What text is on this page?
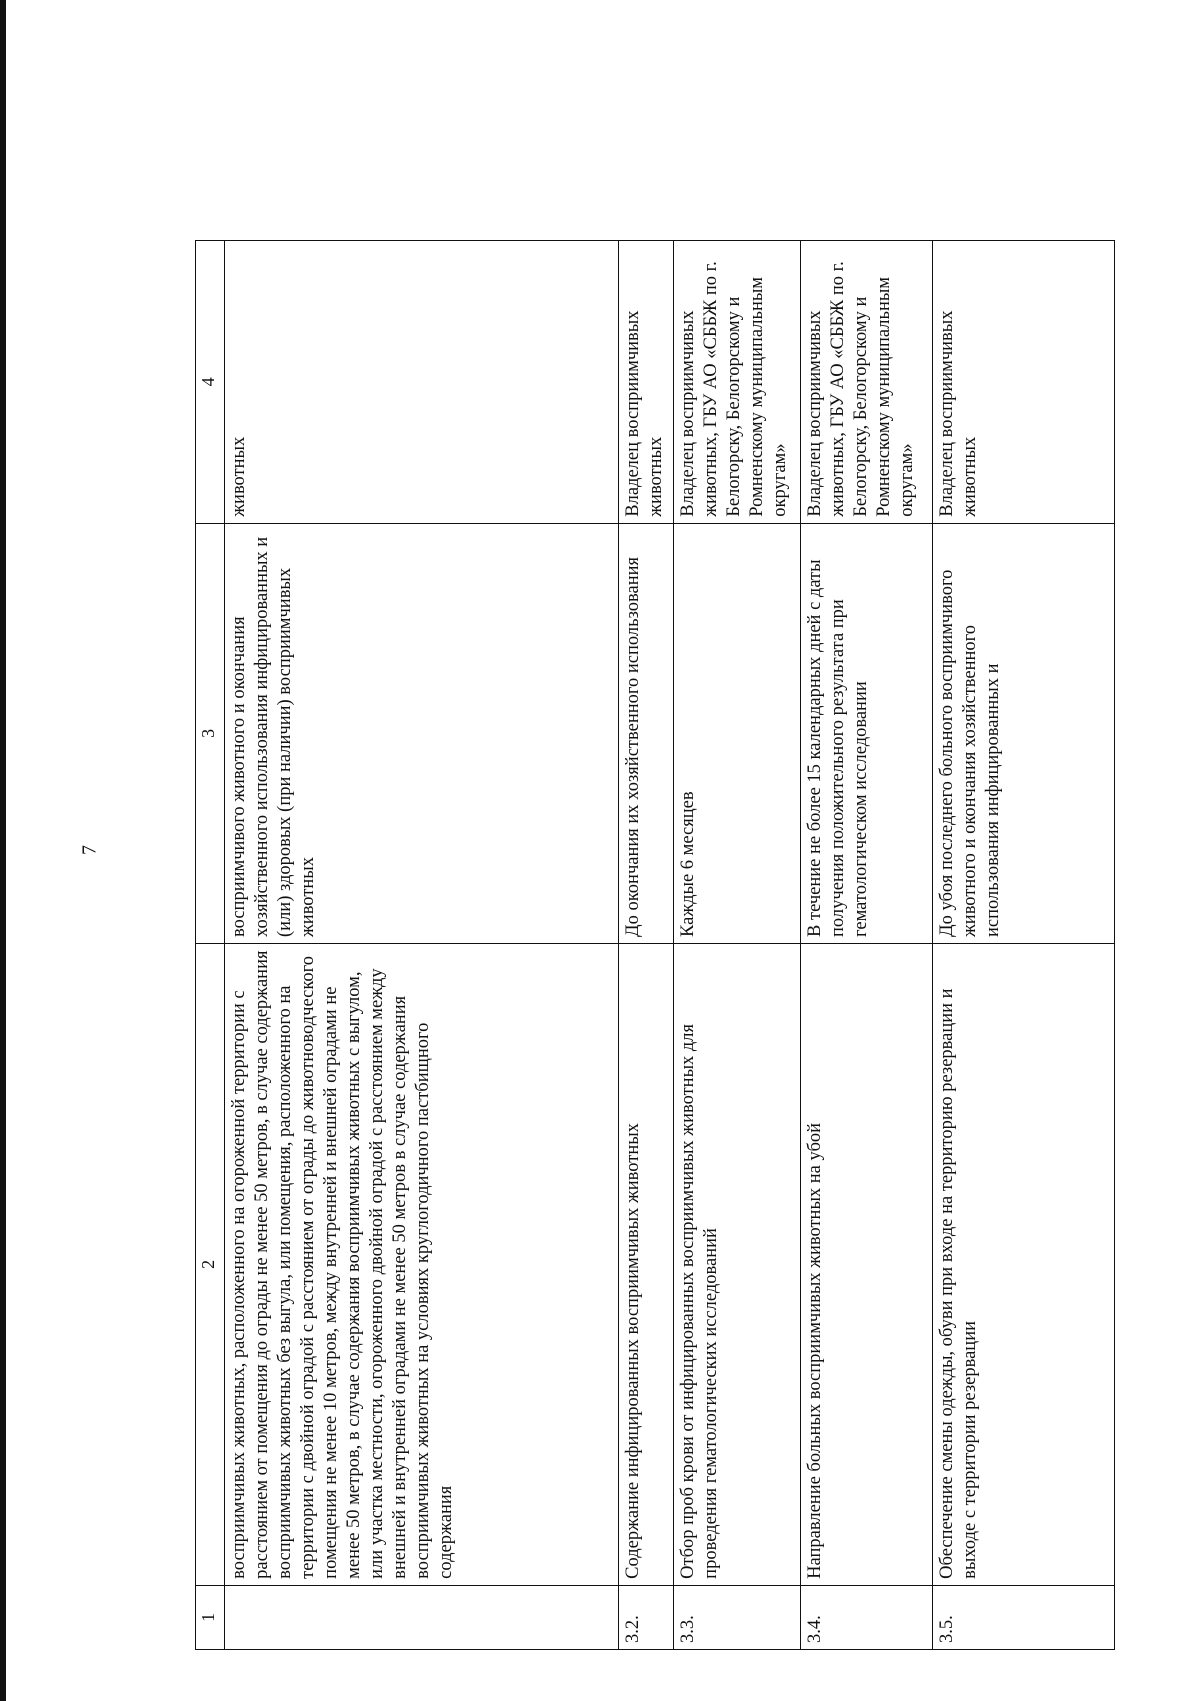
7
1	2	3	4
	восприимчивых животных, расположенного на огороженной территории с расстоянием от помещения до ограды не менее 50 метров, в случае содержания восприимчивых животных без выгула, или помещения, расположенного на территории с двойной оградой с расстоянием от ограды до животноводческого помещения не менее 10 метров, между внутренней и внешней оградами не менее 50 метров, в случае содержания восприимчивых животных с выгулом, или участка местности, огороженного двойной оградой с расстоянием между внешней и внутренней оградами не менее 50 метров в случае содержания восприимчивых животных на условиях круглогодичного пастбищного содержания	восприимчивого животного и окончания хозяйственного использования инфицированных и (или) здоровых (при наличии) восприимчивых животных	животных
3.2.	Содержание инфицированных восприимчивых животных	До окончания их хозяйственного использования	Владелец восприимчивых животных
3.3.	Отбор проб крови от инфицированных восприимчивых животных для проведения гематологических исследований	Каждые 6 месяцев	Владелец восприимчивых животных, ГБУ АО «СББЖ по г. Белогорску, Белогорскому и Ромненскому муниципальным округам»
3.4.	Направление больных восприимчивых животных на убой	В течение не более 15 календарных дней с даты получения положительного результата при гематологическом исследовании	Владелец восприимчивых животных, ГБУ АО «СББЖ по г. Белогорску, Белогорскому и Ромненскому муниципальным округам»
3.5.	Обеспечение смены одежды, обуви при входе на территорию резервации и выходе с территории резервации	До убоя последнего больного восприимчивого животного и окончания хозяйственного использования инфицированных и	Владелец восприимчивых животных
